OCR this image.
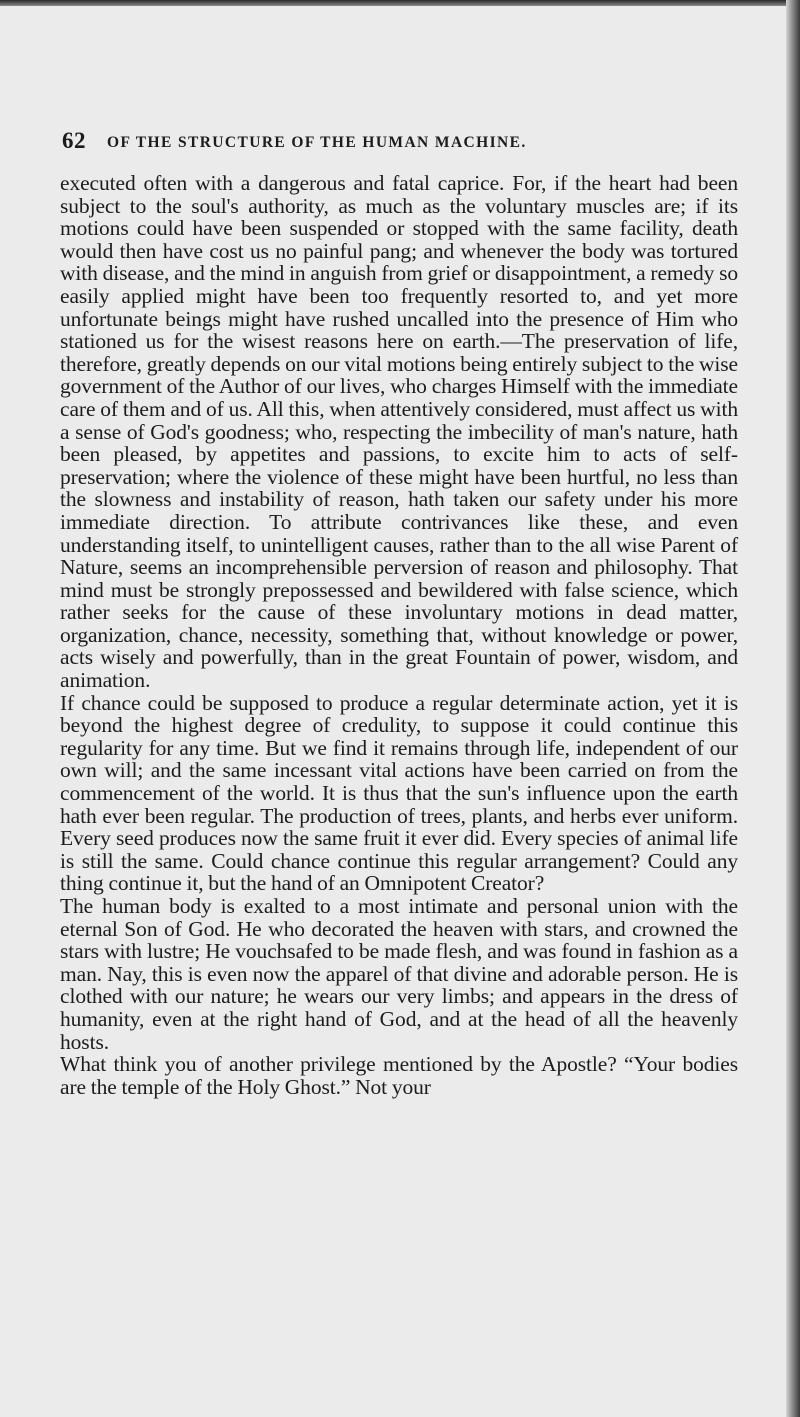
62 OF THE STRUCTURE OF THE HUMAN MACHINE.

executed often with a dangerous and fatal caprice. For, if the heart had been subject to the soul's authority, as much as the voluntary muscles are; if its motions could have been suspended or stopped with the same facility, death would then have cost us no painful pang; and whenever the body was tortured with disease, and the mind in anguish from grief or disappointment, a remedy so easily applied might have been too frequently resorted to, and yet more unfortunate beings might have rushed uncalled into the presence of Him who stationed us for the wisest reasons here on earth.—The preservation of life, therefore, greatly depends on our vital motions being entirely subject to the wise government of the Author of our lives, who charges Himself with the immediate care of them and of us. All this, when attentively considered, must affect us with a sense of God's goodness; who, respecting the imbecility of man's nature, hath been pleased, by appetites and passions, to excite him to acts of self-preservation; where the violence of these might have been hurtful, no less than the slowness and instability of reason, hath taken our safety under his more immediate direction. To attribute contrivances like these, and even understanding itself, to unintelligent causes, rather than to the all wise Parent of Nature, seems an incomprehensible perversion of reason and philosophy. That mind must be strongly prepossessed and bewildered with false science, which rather seeks for the cause of these involuntary motions in dead matter, organization, chance, necessity, something that, without knowledge or power, acts wisely and powerfully, than in the great Fountain of power, wisdom, and animation.

If chance could be supposed to produce a regular determinate action, yet it is beyond the highest degree of credulity, to suppose it could continue this regularity for any time. But we find it remains through life, independent of our own will; and the same incessant vital actions have been carried on from the commencement of the world. It is thus that the sun's influence upon the earth hath ever been regular. The production of trees, plants, and herbs ever uniform. Every seed produces now the same fruit it ever did. Every species of animal life is still the same. Could chance continue this regular arrangement? Could any thing continue it, but the hand of an Omnipotent Creator?

The human body is exalted to a most intimate and personal union with the eternal Son of God. He who decorated the heaven with stars, and crowned the stars with lustre; He vouchsafed to be made flesh, and was found in fashion as a man. Nay, this is even now the apparel of that divine and adorable person. He is clothed with our nature; he wears our very limbs; and appears in the dress of humanity, even at the right hand of God, and at the head of all the heavenly hosts.

What think you of another privilege mentioned by the Apostle? “Your bodies are the temple of the Holy Ghost.” Not your
